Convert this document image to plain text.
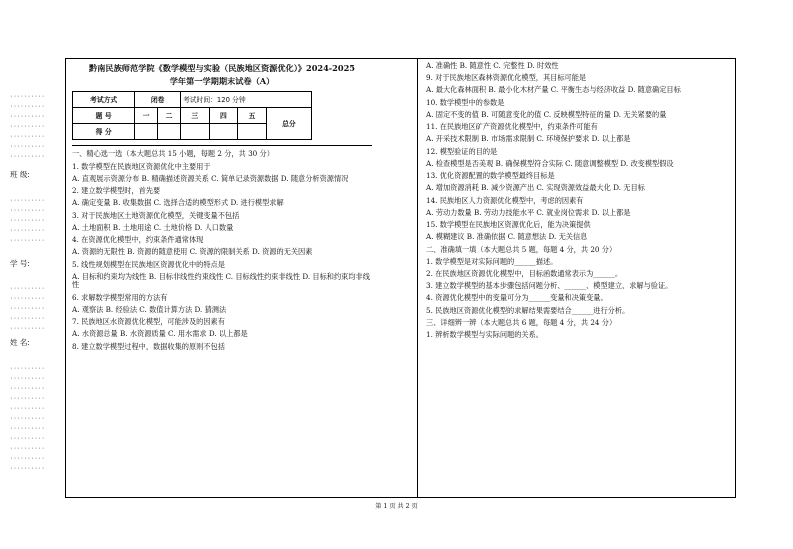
··········
··········
··········
··········
··········
··········
··········
班 级:
··········
··········
··········
··········
··········
学 号:
··········
··········
··········
··········
··········
姓 名:
··········
··········
··········
··········
··········
··········
··········
··········
··········
··········
··········
黔南民族师范学院《数学模型与实验（民族地区资源优化）》2024-2025
学年第一学期期末试卷（A）
考试方式	闭卷		考试时间：120 分钟			
题 号	一	二	三	四	五	总分
得 分						

一、精心选一选（本大题总共 15 小题，每题 2 分，共 30 分）

1. 数学模型在民族地区资源优化中主要用于

A. 直观展示资源分布 B. 精确描述资源关系 C. 简单记录资源数据 D. 随意分析资源情况

2. 建立数学模型时，首先要

A. 确定变量 B. 收集数据 C. 选择合适的模型形式 D. 进行模型求解

3. 对于民族地区土地资源优化模型，关键变量不包括

A. 土地面积 B. 土地用途 C. 土地价格 D. 人口数量

4. 在资源优化模型中，约束条件通常体现

A. 资源的无限性 B. 资源的随意使用 C. 资源的限制关系 D. 资源的无关因素

5. 线性规划模型在民族地区资源优化中的特点是

A. 目标和约束均为线性 B. 目标非线性约束线性 C. 目标线性约束非线性 D. 目标和约束均非线性

6. 求解数学模型常用的方法有

A. 观察法 B. 经验法 C. 数值计算方法 D. 猜测法

7. 民族地区水资源优化模型，可能涉及的因素有

A. 水资源总量 B. 水资源质量 C. 用水需求 D. 以上都是

8. 建立数学模型过程中，数据收集的原则不包括

A. 准确性 B. 随意性 C. 完整性 D. 时效性

9. 对于民族地区森林资源优化模型，其目标可能是

A. 最大化森林面积 B. 最小化木材产量 C. 平衡生态与经济收益 D. 随意确定目标

10. 数学模型中的参数是

A. 固定不变的值 B. 可随意变化的值 C. 反映模型特征的量 D. 无关紧要的量

11. 在民族地区矿产资源优化模型中，约束条件可能有

A. 开采技术限制 B. 市场需求限制 C. 环境保护要求 D. 以上都是

12. 模型验证的目的是

A. 检查模型是否美观 B. 确保模型符合实际 C. 随意调整模型 D. 改变模型假设

13. 优化资源配置的数学模型最终目标是

A. 增加资源消耗 B. 减少资源产出 C. 实现资源效益最大化 D. 无目标

14. 民族地区人力资源优化模型中，考虑的因素有

A. 劳动力数量 B. 劳动力技能水平 C. 就业岗位需求 D. 以上都是

15. 数学模型在民族地区资源优化后，能为决策提供

A. 模糊建议 B. 准确依据 C. 随意想法 D. 无关信息

二、准确填一填（本大题总共 5 题，每题 4 分，共 20 分）

1. 数学模型是对实际问题的______描述。

2. 在民族地区资源优化模型中，目标函数通常表示为______。

3. 建立数学模型的基本步骤包括问题分析、______、模型建立、求解与验证。

4. 资源优化模型中的变量可分为______变量和决策变量。

5. 民族地区资源优化模型的求解结果需要结合______进行分析。

三、详细辨一辨（本大题总共 6 题，每题 4 分，共 24 分）

1. 辨析数学模型与实际问题的关系。

第 1 页 共 2 页
